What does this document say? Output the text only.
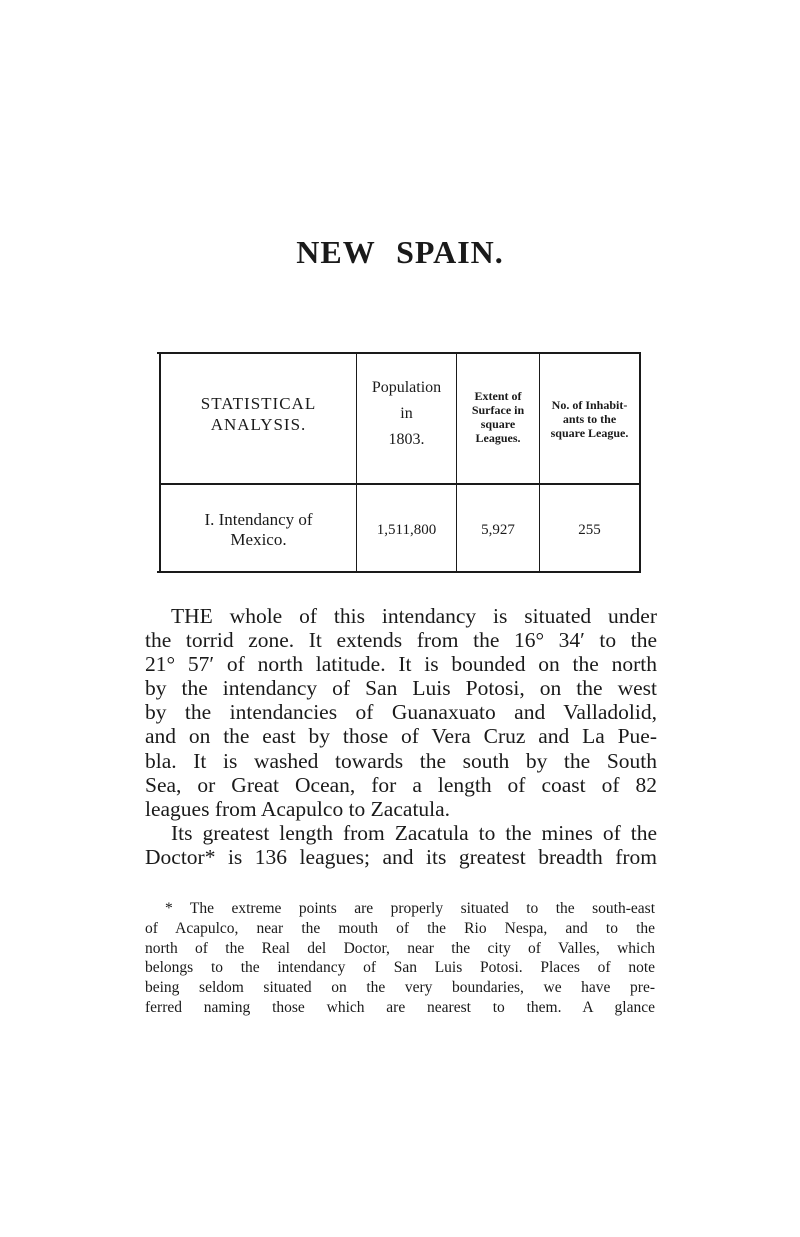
NEW SPAIN.
STATISTICAL
ANALYSIS.
Population
in
1803.
Extent of
Surface in
square
Leagues.
No. of Inhabit-
ants to the
square League.
I. Intendancy of
Mexico.
1,511,800	5,927	255
THE whole of this intendancy is situated under
the torrid zone. It extends from the 16° 34′ to the
21° 57′ of north latitude. It is bounded on the north
by the intendancy of San Luis Potosi, on the west
by the intendancies of Guanaxuato and Valladolid,
and on the east by those of Vera Cruz and La Pue-
bla. It is washed towards the south by the South
Sea, or Great Ocean, for a length of coast of 82
leagues from Acapulco to Zacatula.
Its greatest length from Zacatula to the mines of the
Doctor* is 136 leagues; and its greatest breadth from
* The extreme points are properly situated to the south-east
of Acapulco, near the mouth of the Rio Nespa, and to the
north of the Real del Doctor, near the city of Valles, which
belongs to the intendancy of San Luis Potosi. Places of note
being seldom situated on the very boundaries, we have pre-
ferred naming those which are nearest to them. A glance
